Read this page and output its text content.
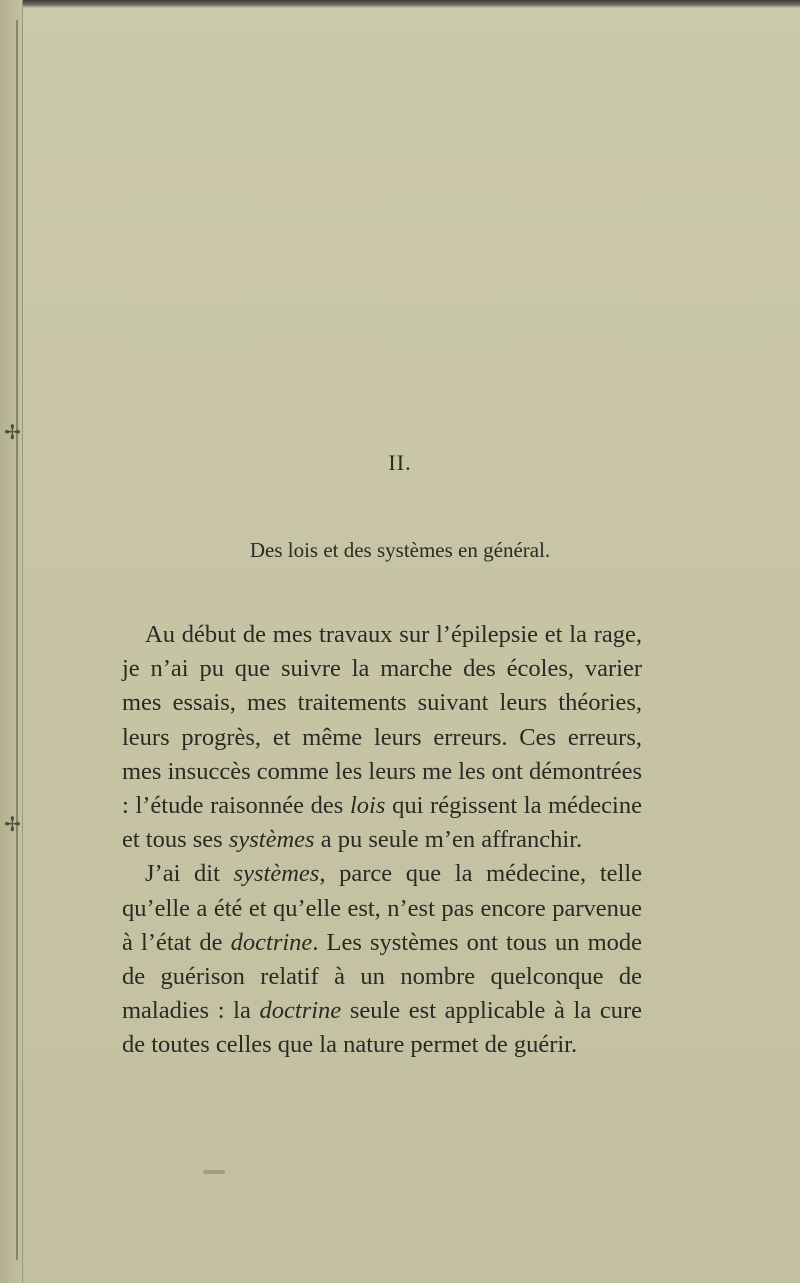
✢
✢
II.
Des lois et des systèmes en général.

Au début de mes travaux sur l’épilepsie et la rage, je n’ai pu que suivre la marche des écoles, varier mes essais, mes traitements suivant leurs théories, leurs progrès, et même leurs erreurs. Ces erreurs, mes insuccès comme les leurs me les ont démontrées : l’étude raisonnée des lois qui régissent la médecine et tous ses systèmes a pu seule m’en affranchir.

J’ai dit systèmes, parce que la médecine, telle qu’elle a été et qu’elle est, n’est pas encore parvenue à l’état de doctrine. Les systèmes ont tous un mode de guérison relatif à un nombre quelconque de maladies : la doctrine seule est applicable à la cure de toutes celles que la nature permet de guérir.
